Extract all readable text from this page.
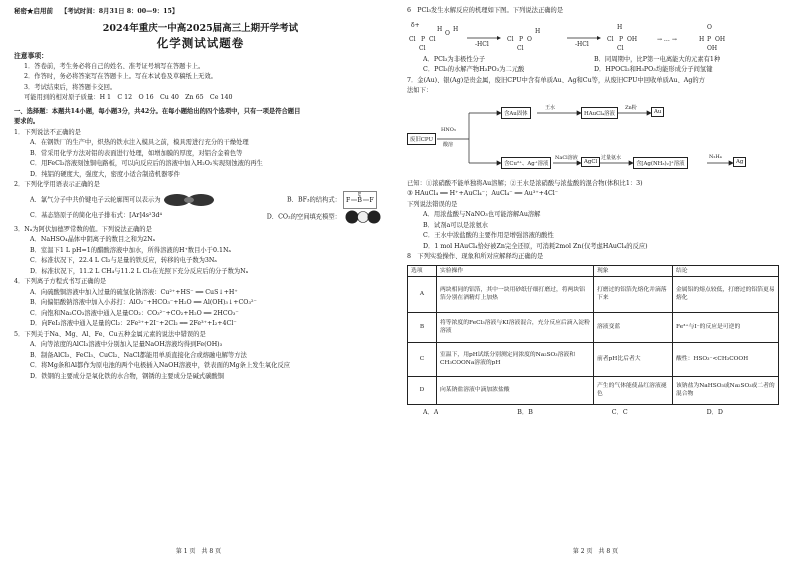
秘密★启用前 【考试时间：8月31日 8：00—9：15】
2024年重庆一中高2025届高三上期开学考试
化学测试试题卷
注意事项：
1．答卷前，考生务必将自己的姓名、准考证号填写在答题卡上。
2．作答时，务必将答案写在答题卡上。写在本试卷及草稿纸上无效。
3．考试结束后，将答题卡交回。
可能用到的相对原子质量：H 1　C 12　O 16　Cu 40　Zn 65　Ce 140
一、选择题：本题共14小题，每小题3分，共42分。在每小题给出的四个选项中，只有一项是符合题目
要求的。
1．下列说法不正确的是
A．在钢铁厂的生产中，炽热的铁水注入模具之前，模具需进行充分的干燥处理
B．常采用化学方法对铝的表面进行处理，如增加膜的厚度，对铝合金着色等
C．用FeCl₃溶液刻蚀铜电路板，可以向反应后的溶液中加入H₂O₂实现刻蚀液的再生
D．纯铝的硬度大，强度大，密度小适合制造机器零件
2．下列化学用语表示正确的是
A．氯气分子中共价键电子云轮廓图可以表示为	B．BF₃的结构式： F B F
F
C．基态铬原子的简化电子排布式：[Ar]4s²3d⁴	D．CO₂的空间填充模型：
3．Nₐ为阿伏加德罗常数的值。下列说法正确的是
A．NaHSO₄晶体中阴离子的数目之和为2Nₐ
B．室温下1 L pH=1的醋酸溶液中加水，所得溶液的H⁺数目小于0.1Nₐ
C．标准状况下，22.4 L Cl₂与足量的铁反应，转移的电子数为3Nₐ
D．标准状况下，11.2 L CH₄与11.2 L Cl₂在光照下充分反应后的分子数为Nₐ
4．下列离子方程式书写正确的是
A．向硫酸铜溶液中加入过量的硫氢化钠溶液：Cu²⁺+HS⁻ ══ CuS↓+H⁺
B．向偏铝酸钠溶液中加入小苏打：AlO₂⁻+HCO₃⁻+H₂O ══ Al(OH)₃↓+CO₃²⁻
C．向饱和Na₂CO₃溶液中通入足量CO₂：CO₃²⁻+CO₂+H₂O ══ 2HCO₃⁻
D．向FeI₂溶液中通入足量的Cl₂：2Fe²⁺+2I⁻+2Cl₂ ══ 2Fe³⁺+I₂+4Cl⁻
5．下列关于Na、Mg、Al、Fe、Cu五种金属元素的说法中错误的是
A．向等浓度的AlCl₃溶液中分别加入足量NaOH溶液均得到Fe(OH)₃
B．制备AlCl₃、FeCl₃、CuCl₂、NaCl都能用单质直接化合或熔融电解等方法
C．将Mg条和Al都作为原电池的两个电极插入NaOH溶液中，铁表面的Mg条上发生氧化反应
D．铁钢的主要成分是氧化铁的水合物，钢锈的主要成分是碱式碳酸铜
第 1 页　共 8 页
6　PCl₃发生水解反应的机理如下图。下列说法正确的是
δ+
Cl P Cl
Cl
H
O
H
Cl P O
H
Cl
Cl P OH
H
Cl
→ … →
O
H P OH
OH
-HCl	-HCl
A．PCl₃为非极性分子	B．同周期中，比P第一电离能大的元素有1种
C．PCl₃的水解产物H₃PO₃为二元酸	D．HPOCl₂和H₃PO₃均能形成分子间氢键
7．金(Au)、银(Ag)是贵金属，废旧CPU中含有单质Au、Ag和Cu等，从废旧CPU中回收单质Au、Ag的方
法如下：
废旧CPU
HNO₃
酸溶
含Au固体
王水
HAuCl₄溶液
Zn粉
Au
含Cu²⁺、Ag⁺溶液
NaCl溶液
AgCl
过量氨水
含[Ag(NH₃)₂]⁺溶液
N₂H₄
Ag
已知：①浓硝酸不能单独将Au溶解；②王水是浓硝酸与浓盐酸的混合物(体积比1：3)
③ HAuCl₄ ══ H⁺+AuCl₄⁻；AuCl₄⁻ ══ Au³⁺+4Cl⁻
下列说法错误的是
A．用浓盐酸与NaNO₃也可能溶解Au溶解
B．试剂a可以是浓氨水
C．王水中浓盐酸的主要作用是增强溶液的酸性
D．1 mol HAuCl₄恰好被Zn完全还原，可消耗2mol Zn(仅考虑HAuCl₄的反应)
8　下列实验操作、现象和所对应解释均正确的是
选项	实验操作	现象	结论
A	两块相同的铝箔，其中一块用砂纸仔细打磨过，将两块铝箔分别在酒精灯上加热	打磨过的铝箔先熔化并滴落下来	金属铝的熔点较低，打磨过的铝箔更易熔化
B	将等浓度的FeCl₃溶液与KI溶液混合，充分反应后滴入淀粉溶液	溶液变蓝	Fe³⁺与I⁻的反应是可逆的
C	室温下，用pH试纸分别测定同浓度的Na₂SO₃溶液和CH₃COONa溶液的pH	前者pH比后者大	酸性：HSO₃⁻<CH₃COOH
D	向某钠盐溶液中滴加浓盐酸	产生的气体能使品红溶液褪色	该钠盐为NaHSO₃或Na₂SO₃或二者的混合物
A．A	B．B	C．C	D．D
第 2 页　共 8 页
